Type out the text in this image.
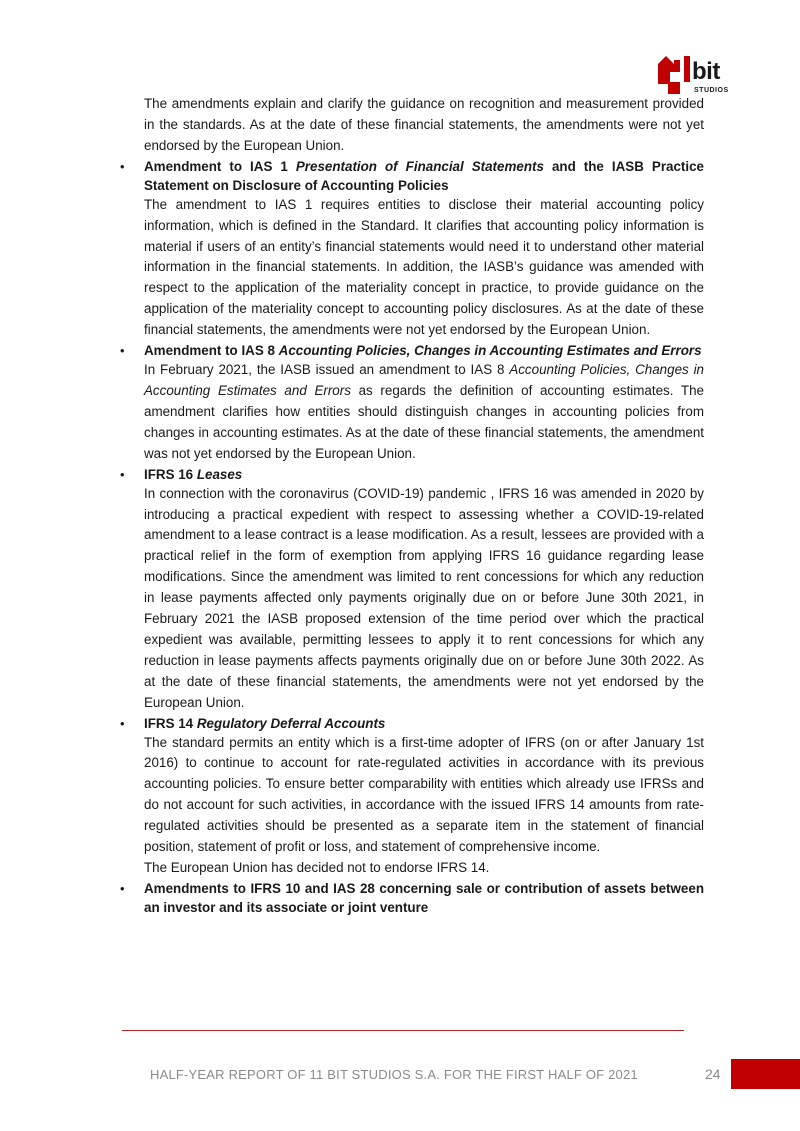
bit
STUDIOS

The amendments explain and clarify the guidance on recognition and measurement provided in the standards. As at the date of these financial statements, the amendments were not yet endorsed by the European Union.

•	Amendment to IAS 1 Presentation of Financial Statements and the IASB Practice Statement on Disclosure of Accounting Policies

The amendment to IAS 1 requires entities to disclose their material accounting policy information, which is defined in the Standard. It clarifies that accounting policy information is material if users of an entity’s financial statements would need it to understand other material information in the financial statements. In addition, the IASB’s guidance was amended with respect to the application of the materiality concept in practice, to provide guidance on the application of the materiality concept to accounting policy disclosures. As at the date of these financial statements, the amendments were not yet endorsed by the European Union.

•	Amendment to IAS 8 Accounting Policies, Changes in Accounting Estimates and Errors

In February 2021, the IASB issued an amendment to IAS 8 Accounting Policies, Changes in Accounting Estimates and Errors as regards the definition of accounting estimates. The amendment clarifies how entities should distinguish changes in accounting policies from changes in accounting estimates. As at the date of these financial statements, the amendment was not yet endorsed by the European Union.

•	IFRS 16 Leases

In connection with the coronavirus (COVID-19) pandemic , IFRS 16 was amended in 2020 by introducing a practical expedient with respect to assessing whether a COVID-19-related amendment to a lease contract is a lease modification. As a result, lessees are provided with a practical relief in the form of exemption from applying IFRS 16 guidance regarding lease modifications. Since the amendment was limited to rent concessions for which any reduction in lease payments affected only payments originally due on or before June 30th 2021, in February 2021 the IASB proposed extension of the time period over which the practical expedient was available, permitting lessees to apply it to rent concessions for which any reduction in lease payments affects payments originally due on or before June 30th 2022. As at the date of these financial statements, the amendments were not yet endorsed by the European Union.

•	IFRS 14 Regulatory Deferral Accounts

The standard permits an entity which is a first-time adopter of IFRS (on or after January 1st 2016) to continue to account for rate-regulated activities in accordance with its previous accounting policies. To ensure better comparability with entities which already use IFRSs and do not account for such activities, in accordance with the issued IFRS 14 amounts from rate-regulated activities should be presented as a separate item in the statement of financial position, statement of profit or loss, and statement of comprehensive income.

The European Union has decided not to endorse IFRS 14.

•	Amendments to IFRS 10 and IAS 28 concerning sale or contribution of assets between an investor and its associate or joint venture

HALF-YEAR REPORT OF 11 BIT STUDIOS S.A. FOR THE FIRST HALF OF 2021	24
